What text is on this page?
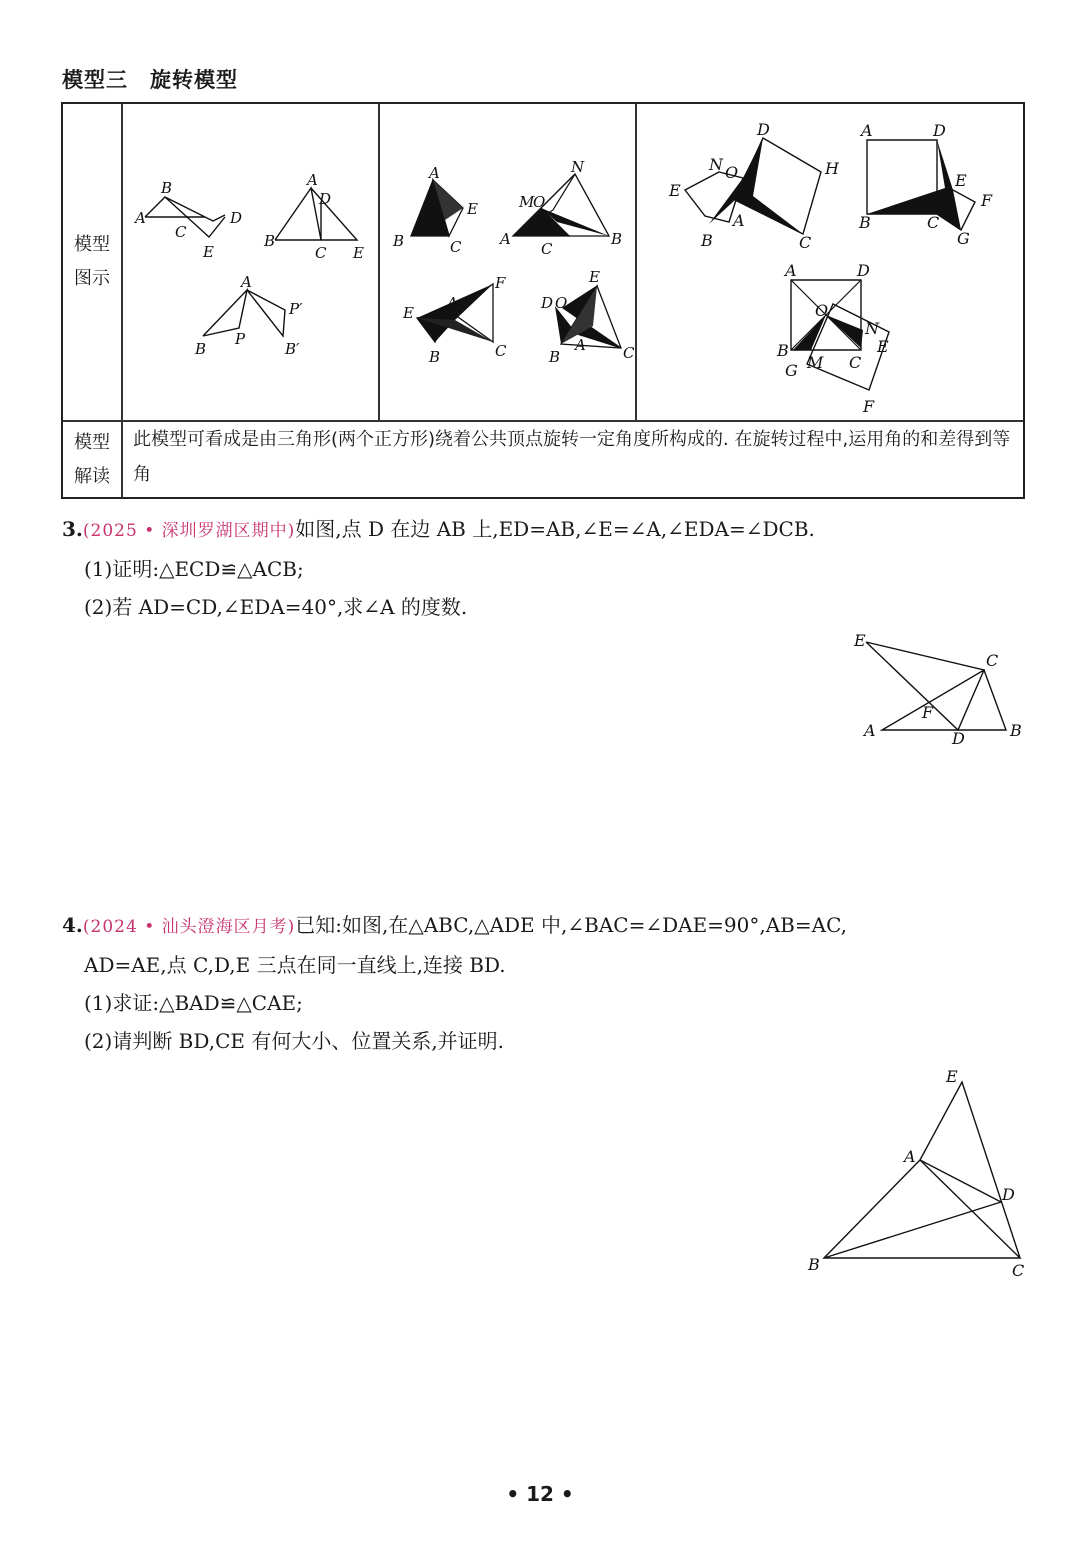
模型三 旋转模型
模型
图示
模型
解读
此模型可看成是由三角形(两个正方形)绕着公共顶点旋转一定角度所构成的. 在旋转过程中,运用角的和差得到等角
A
B
C
D
E
A
B
C
D
E
A
B
P
P′
B′
A
B	C
E	M
O
N
A	B
C
E
A
F
B	C
E
D O
A
B	C
D
N O	H
E
A
B	C
A	D
E
F
B	C
G
A	D
O
N
E
B
M C
G
F
3.(2025 • 深圳罗湖区期中)如图,点 D 在边 AB 上,ED=AB,∠E=∠A,∠EDA=∠DCB.
(1)证明:△ECD≌△ACB;
(2)若 AD=CD,∠EDA=40°,求∠A 的度数.
E
C
F
A	D	B
4.(2024 • 汕头澄海区月考)已知:如图,在△ABC,△ADE 中,∠BAC=∠DAE=90°,AB=AC,
AD=AE,点 C,D,E 三点在同一直线上,连接 BD.
(1)求证:△BAD≌△CAE;
(2)请判断 BD,CE 有何大小、位置关系,并证明.
E
A
D
B	C
• 12 •
